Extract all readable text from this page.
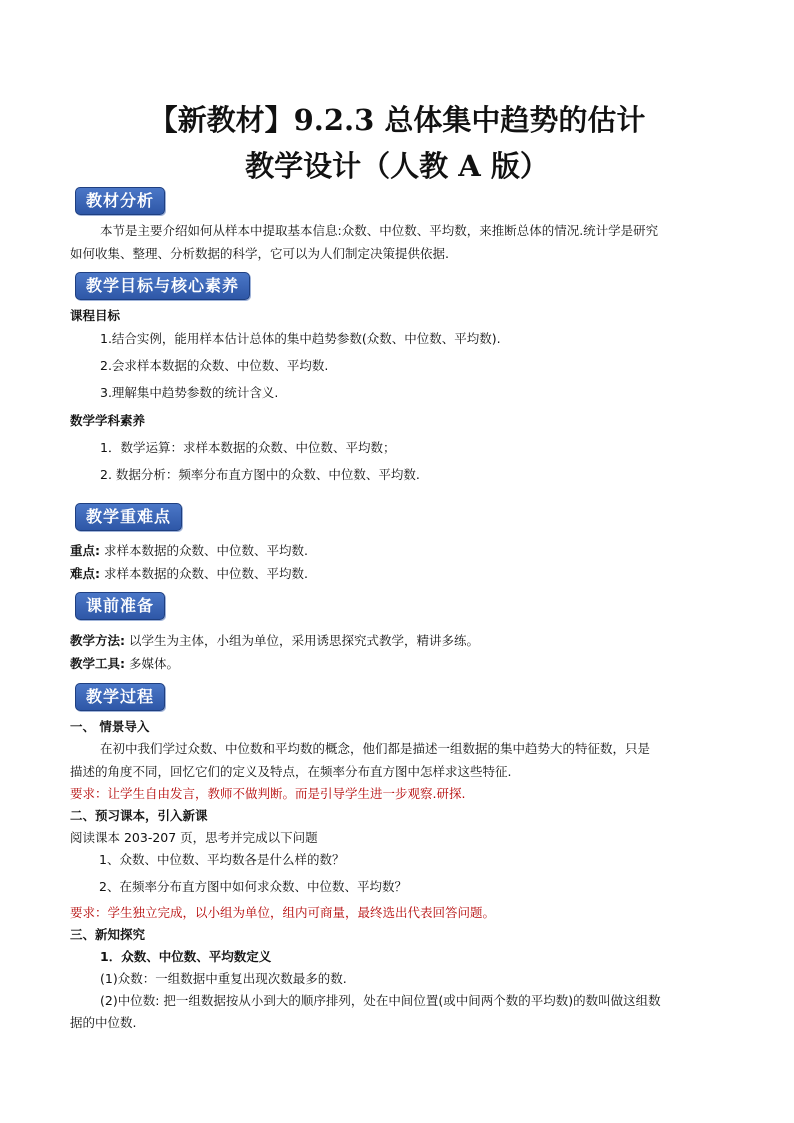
【新教材】9.2.3 总体集中趋势的估计
教学设计（人教 A 版）
教材分析
本节是主要介绍如何从样本中提取基本信息:众数、中位数、平均数，来推断总体的情况.统计学是研究
如何收集、整理、分析数据的科学，它可以为人们制定决策提供依据.
教学目标与核心素养
课程目标
1.结合实例，能用样本估计总体的集中趋势参数(众数、中位数、平均数).
2.会求样本数据的众数、中位数、平均数.
3.理解集中趋势参数的统计含义.
数学学科素养
1．数学运算：求样本数据的众数、中位数、平均数；
2. 数据分析：频率分布直方图中的众数、中位数、平均数.
教学重难点
重点: 求样本数据的众数、中位数、平均数.
难点: 求样本数据的众数、中位数、平均数.
课前准备
教学方法: 以学生为主体，小组为单位，采用诱思探究式教学，精讲多练。
教学工具: 多媒体。
教学过程
一、 情景导入
在初中我们学过众数、中位数和平均数的概念，他们都是描述一组数据的集中趋势大的特征数，只是
描述的角度不同，回忆它们的定义及特点，在频率分布直方图中怎样求这些特征.
要求：让学生自由发言，教师不做判断。而是引导学生进一步观察.研探.
二、预习课本，引入新课
阅读课本 203-207 页，思考并完成以下问题
1、众数、中位数、平均数各是什么样的数？
2、在频率分布直方图中如何求众数、中位数、平均数？
要求：学生独立完成，以小组为单位，组内可商量，最终选出代表回答问题。
三、新知探究
1．众数、中位数、平均数定义
(1)众数：一组数据中重复出现次数最多的数.
(2)中位数: 把一组数据按从小到大的顺序排列，处在中间位置(或中间两个数的平均数)的数叫做这组数
据的中位数.
